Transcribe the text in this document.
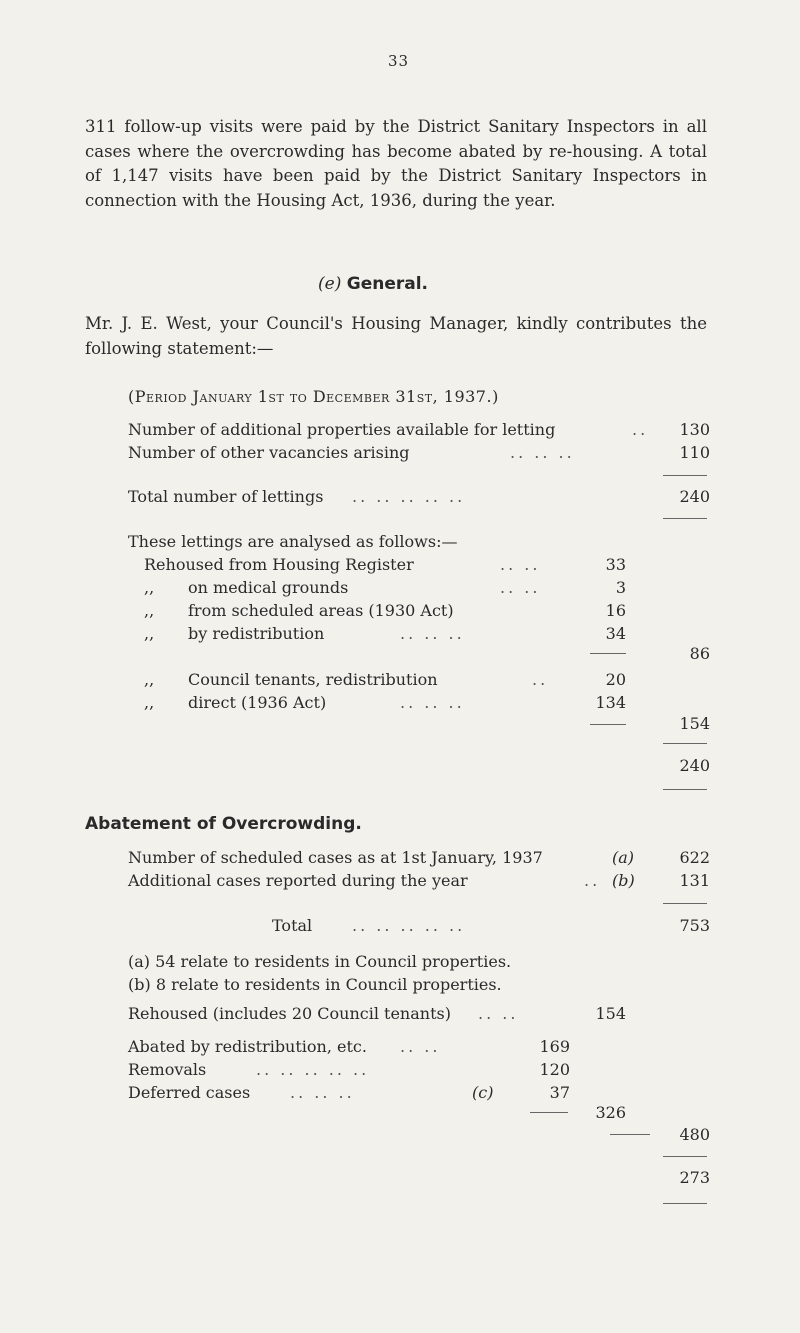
33

311 follow-up visits were paid by the District Sanitary Inspectors in all cases where the overcrowding has become abated by re-housing. A total of 1,147 visits have been paid by the District Sanitary Inspectors in connection with the Housing Act, 1936, during the year.

(e) General.

Mr. J. E. West, your Council's Housing Manager, kindly contributes the following statement:—

(Period January 1st to December 31st, 1937.)
Number of additional properties available for letting	..	130
Number of other vacancies arising	.. .. ..	110
Total number of lettings .. .. .. .. ..	240
These lettings are analysed as follows:—
Rehoused from Housing Register	.. ..	33
,, on medical grounds	.. ..	3
,, from scheduled areas (1930 Act)	16
,, by redistribution	.. .. ..	34
86
,, Council tenants, redistribution	..	20
,, direct (1936 Act)	.. .. ..	134
154
240
Abatement of Overcrowding.
Number of scheduled cases as at 1st January, 1937	(a)	622
Additional cases reported during the year	.. (b)	131
Total .. .. .. .. ..	753
(a) 54 relate to residents in Council properties.
(b) 8 relate to residents in Council properties.
Rehoused (includes 20 Council tenants) .. ..	154
Abated by redistribution, etc. .. ..	169
Removals	.. .. .. .. ..	120
Deferred cases .. .. ..	(c)	37
326
480
273
